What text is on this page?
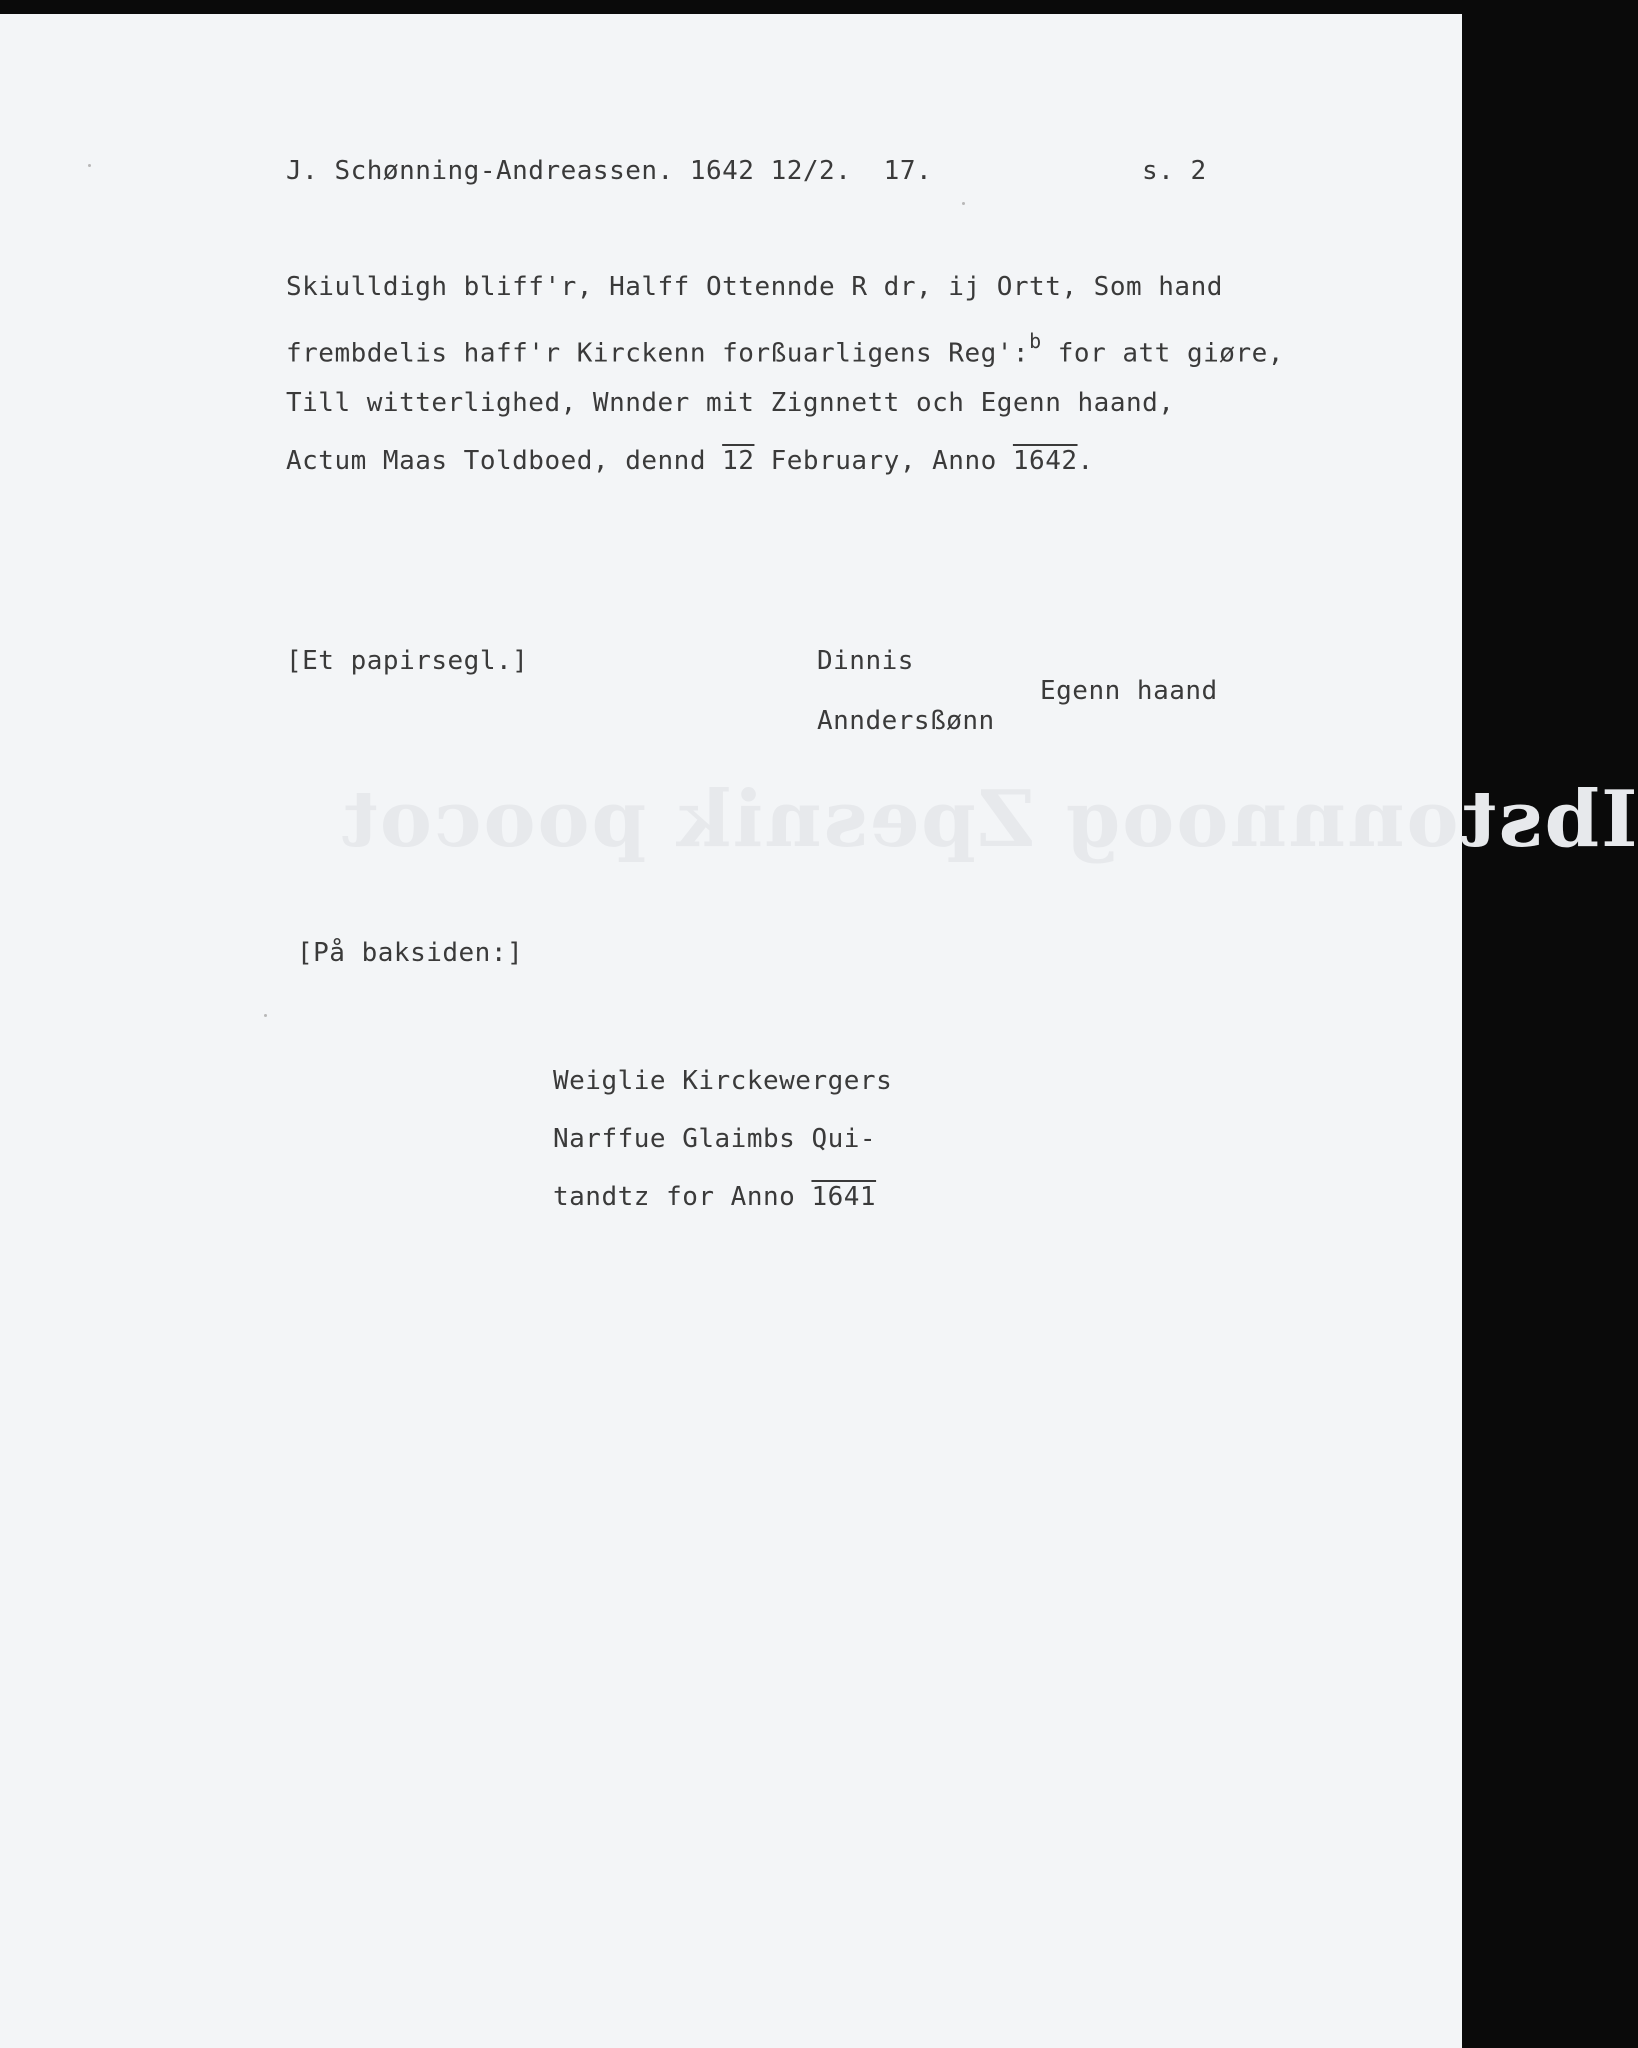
Ibstonnnoog Zpesnik poocot
J. Schønning-Andreassen. 1642 12/2.  17.	s. 2
Skiulldigh bliff'r, Halff Ottennde R dr, ij Ortt, Som hand
frembdelis haff'r Kirckenn forßuarligens Reg':$^b$ for att giøre,
Till witterlighed, Wnnder mit Zignnett och Egenn haand,
Actum Maas Toldboed, dennd 12 February, Anno 1642.
[Et papirsegl.]	Dinnis
Egenn haand
Anndersßønn
[På baksiden:]
Weiglie Kirckewergers
Narffue Glaimbs Qui-
tandtz for Anno 1641
